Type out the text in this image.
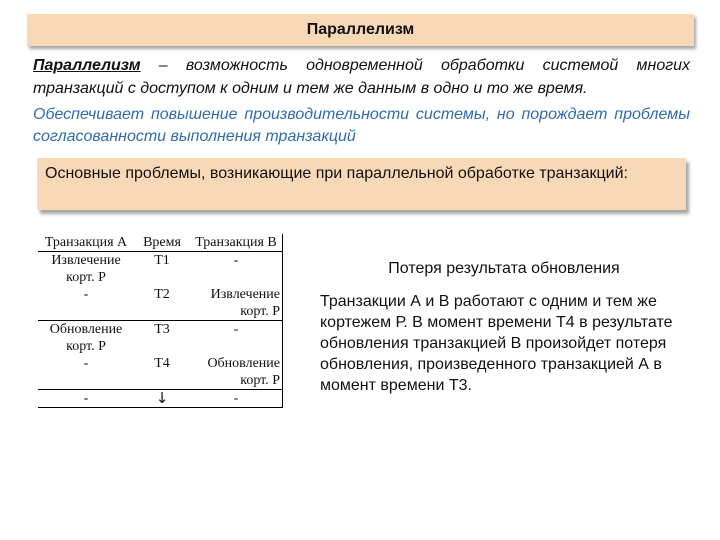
Параллелизм
Параллелизм – возможность одновременной обработки системой многих транзакций с доступом к одним и тем же данным в одно и то же время.
Обеспечивает повышение производительности системы, но порождает проблемы согласованности выполнения транзакций
Основные проблемы, возникающие при параллельной обработке транзакций:
Транзакция А	Время	Транзакция В
Извлечение корт. Р	T1	-
-	T2	Извлечение корт. Р
Обновление корт. Р	T3	-
-	T4	Обновление корт. Р
-	↓	-
Потеря результата обновления
Транзакции А и В работают с одним и тем же кортежем Р. В момент времени Т4 в результате обновления транзакцией В произойдет потеря обновления, произведенного транзакцией А в момент времени Т3.
